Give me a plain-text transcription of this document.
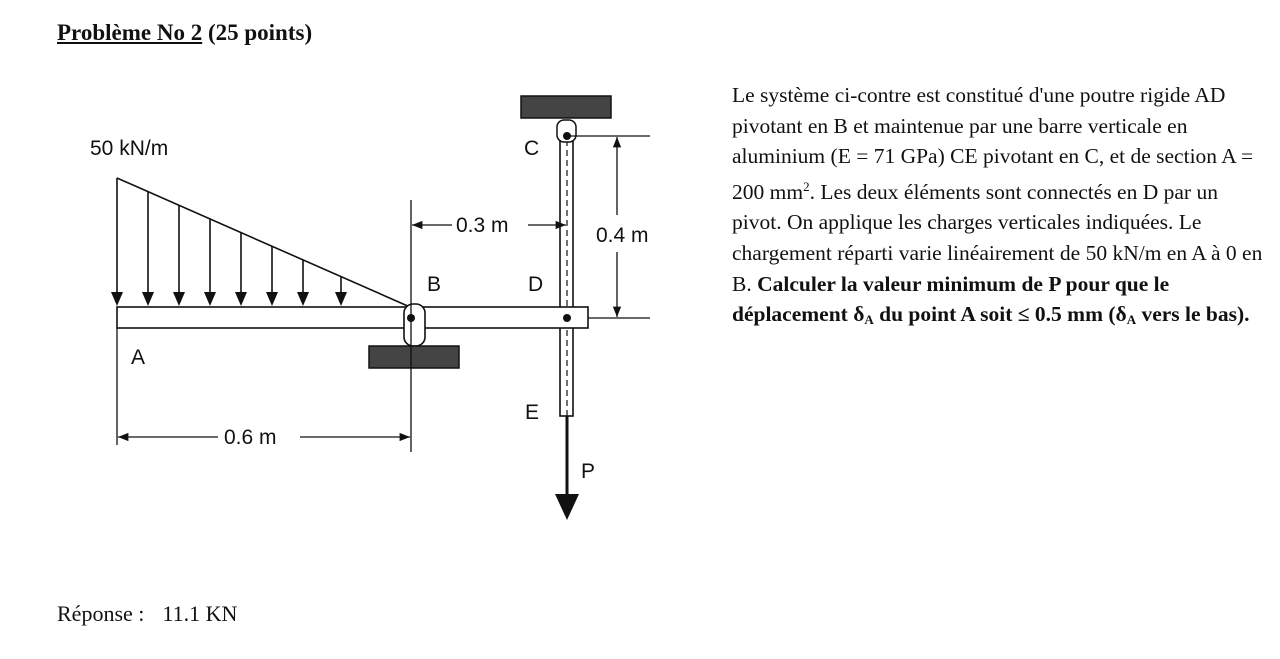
Problème No 2 (25 points)
50 kN/m
0.3 m	0.4 m
0.6 m
C
B	D
A
E
P

Le système ci-contre est constitué d'une poutre rigide AD pivotant en B et maintenue par une barre verticale en aluminium (E = 71 GPa) CE pivotant en C, et de section A = 200 $mm^2$. Les deux éléments sont connectés en D par un pivot. On applique les charges verticales indiquées. Le chargement réparti varie linéairement de 50 kN/m en A à 0 en B. Calculer la valeur minimum de P pour que le déplacement $\delta_A$ du point A soit ≤ 0.5 mm ($\delta_A$ vers le bas).

Réponse : 11.1 KN
